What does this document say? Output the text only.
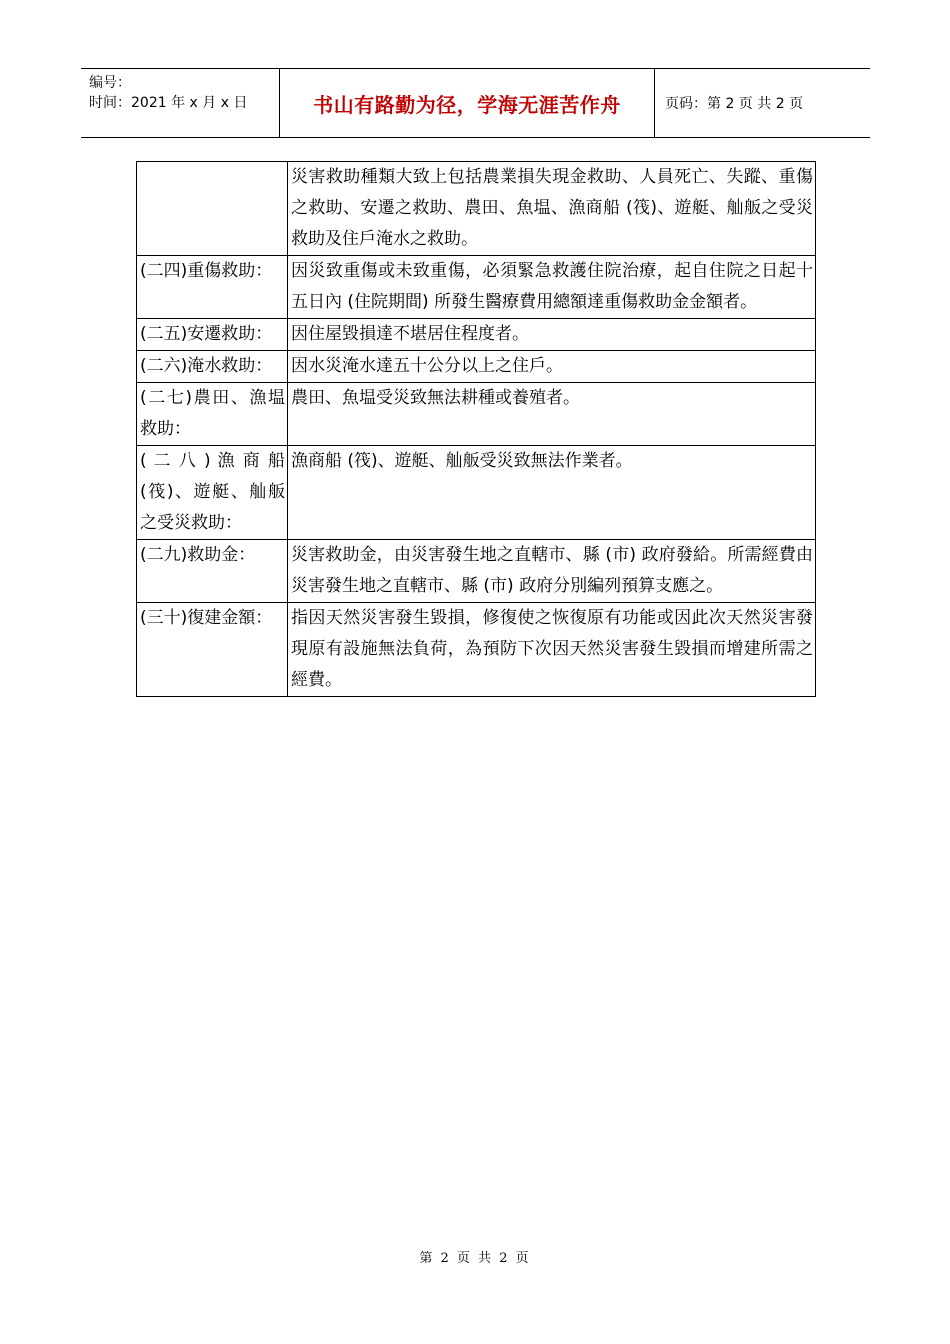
编号：
时间：2021 年 x 月 x 日	书山有路勤为径，学海无涯苦作舟	页码：第 2 页 共 2 页
	災害救助種類大致上包括農業損失現金救助、人員死亡、失蹤、重傷之救助、安遷之救助、農田、魚塭、漁商船 (筏)、遊艇、舢舨之受災救助及住戶淹水之救助。
(二四)重傷救助：	因災致重傷或未致重傷，必須緊急救護住院治療，起自住院之日起十五日內 (住院期間) 所發生醫療費用總額達重傷救助金金額者。
(二五)安遷救助：	因住屋毀損達不堪居住程度者。
(二六)淹水救助：	因水災淹水達五十公分以上之住戶。
(二七)農田、漁塭救助：	農田、魚塭受災致無法耕種或養殖者。
( 二 八 ) 漁 商 船 (筏)、遊艇、舢舨之受災救助：	漁商船 (筏)、遊艇、舢舨受災致無法作業者。
(二九)救助金：	災害救助金，由災害發生地之直轄市、縣 (市) 政府發給。所需經費由災害發生地之直轄市、縣 (市) 政府分別編列預算支應之。
(三十)復建金額：	指因天然災害發生毀損，修復使之恢復原有功能或因此次天然災害發現原有設施無法負荷，為預防下次因天然災害發生毀損而增建所需之經費。
第 2 页 共 2 页
